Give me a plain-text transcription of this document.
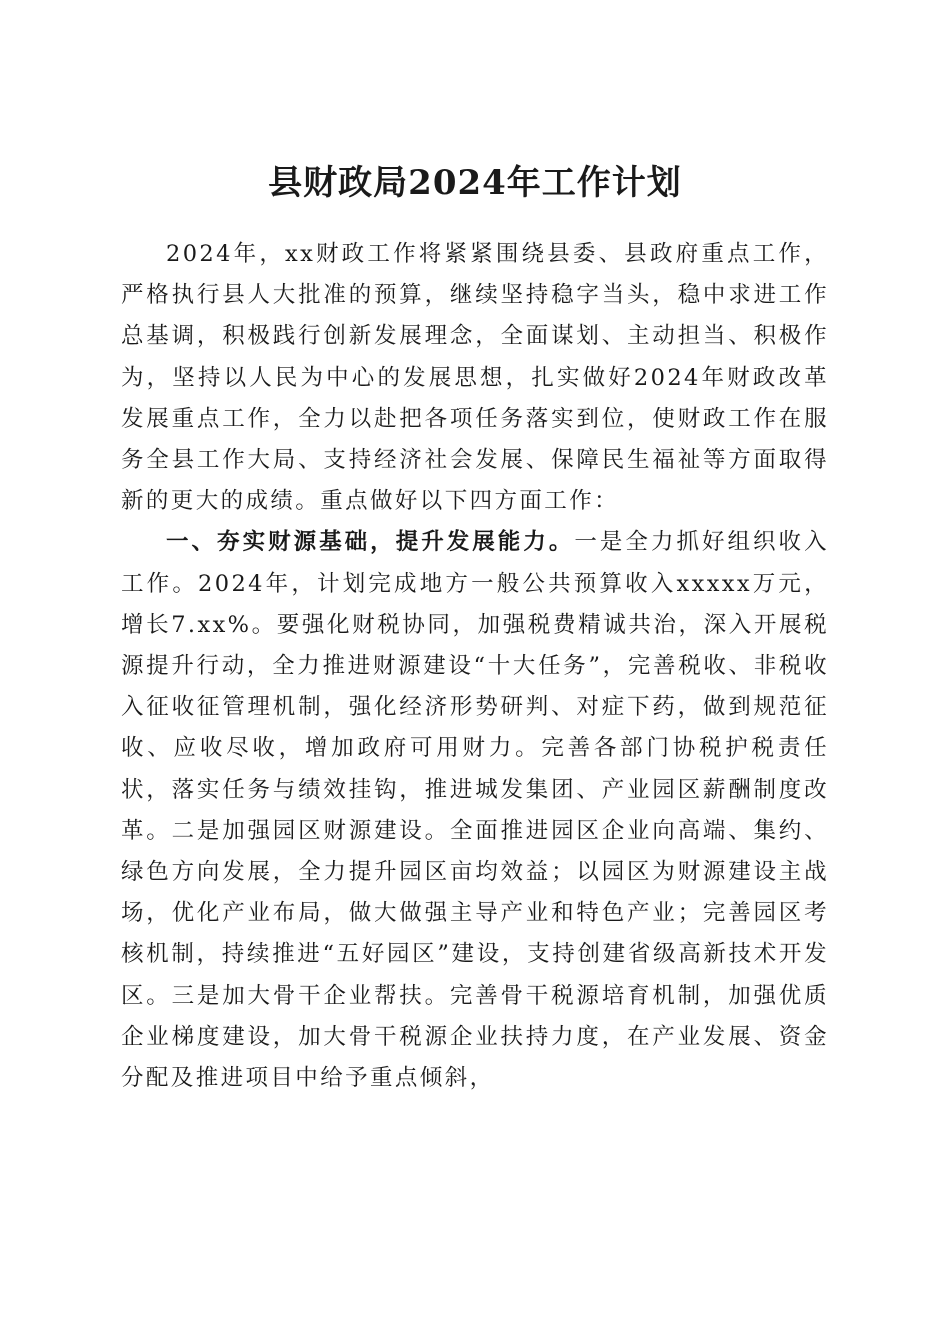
县财政局2024年工作计划

2024年，xx财政工作将紧紧围绕县委、县政府重点工作，严格执行县人大批准的预算，继续坚持稳字当头，稳中求进工作总基调，积极践行创新发展理念，全面谋划、主动担当、积极作为，坚持以人民为中心的发展思想，扎实做好2024年财政改革发展重点工作，全力以赴把各项任务落实到位，使财政工作在服务全县工作大局、支持经济社会发展、保障民生福祉等方面取得新的更大的成绩。重点做好以下四方面工作：

一、夯实财源基础，提升发展能力。一是全力抓好组织收入工作。2024年，计划完成地方一般公共预算收入xxxxx万元，增长7.xx%。要强化财税协同，加强税费精诚共治，深入开展税源提升行动，全力推进财源建设“十大任务”，完善税收、非税收入征收征管理机制，强化经济形势研判、对症下药，做到规范征收、应收尽收，增加政府可用财力。完善各部门协税护税责任状，落实任务与绩效挂钩，推进城发集团、产业园区薪酬制度改革。二是加强园区财源建设。全面推进园区企业向高端、集约、绿色方向发展，全力提升园区亩均效益；以园区为财源建设主战场，优化产业布局，做大做强主导产业和特色产业；完善园区考核机制，持续推进“五好园区”建设，支持创建省级高新技术开发区。三是加大骨干企业帮扶。完善骨干税源培育机制，加强优质企业梯度建设，加大骨干税源企业扶持力度，在产业发展、资金分配及推进项目中给予重点倾斜，
